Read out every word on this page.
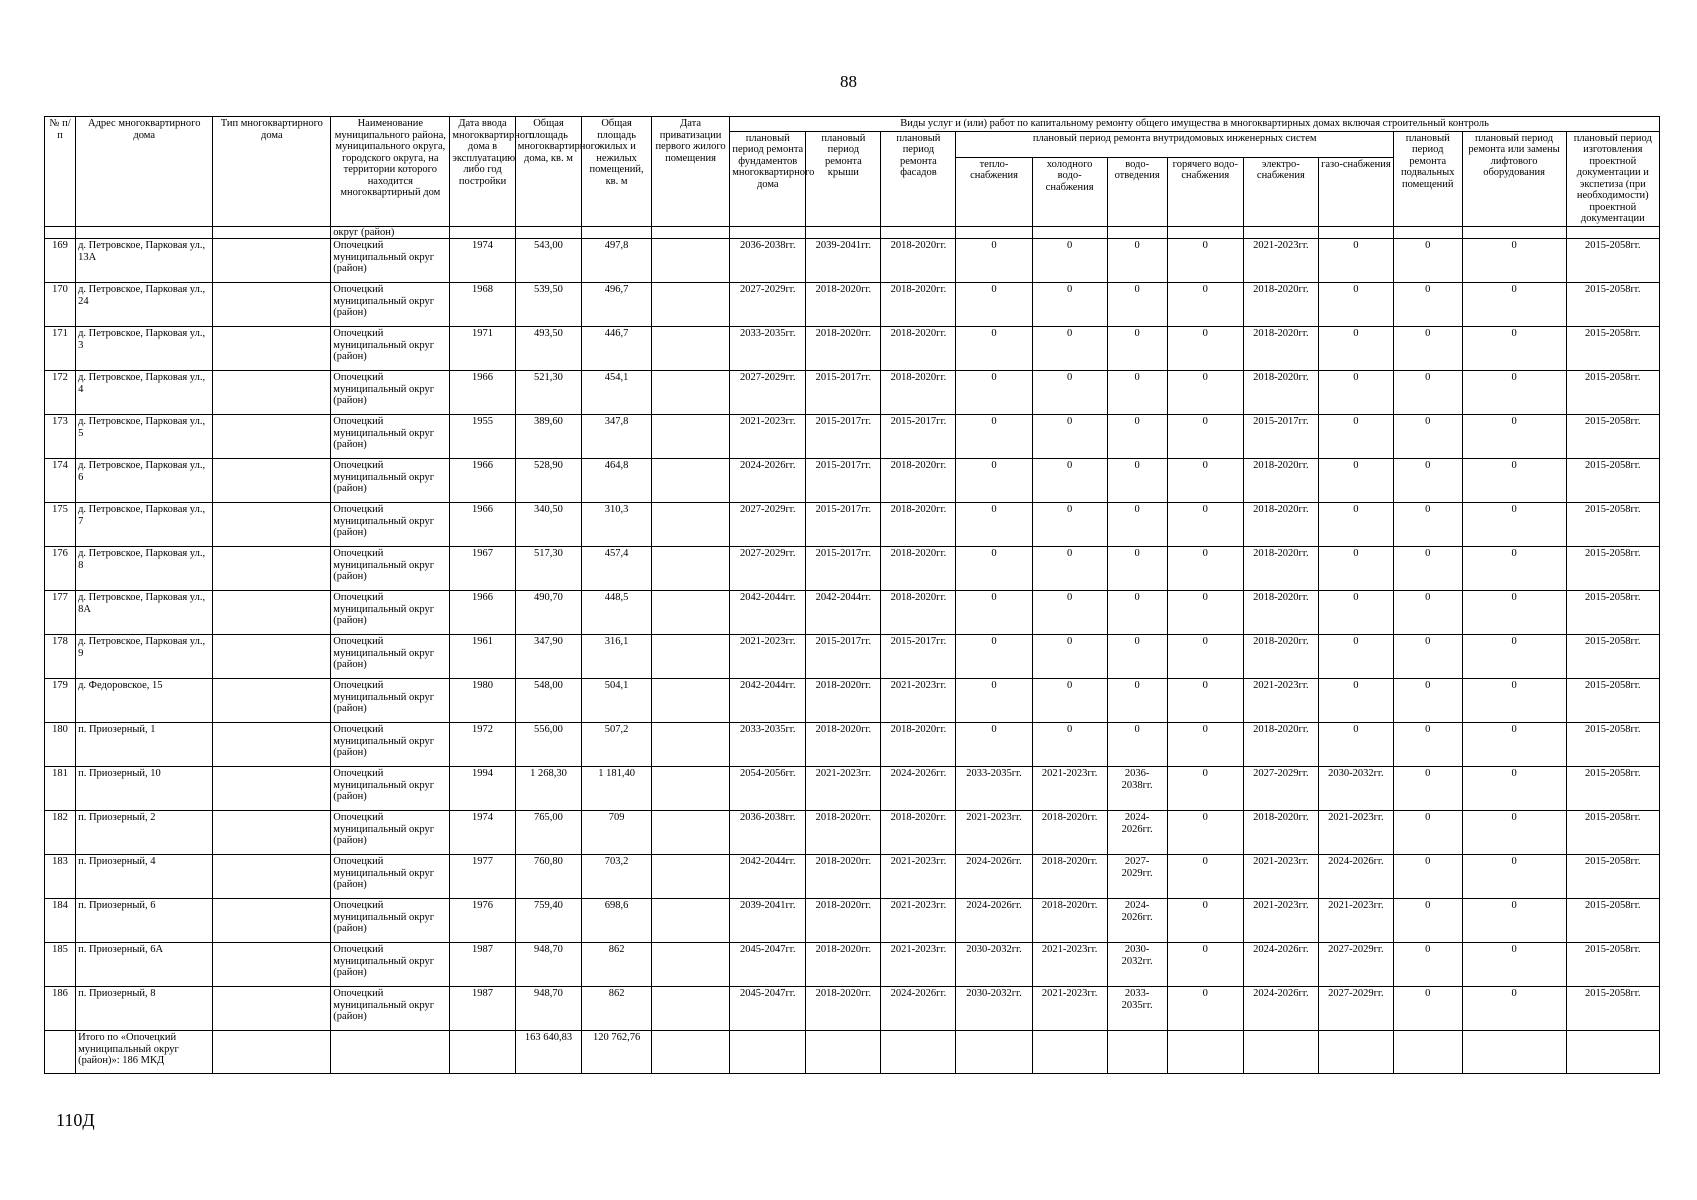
88
№ п/п	Адрес многоквартирного дома	Тип многоквартирного дома	Наименование муниципального района, муниципального округа, городского округа, на территории которого находится многоквартирный дом	Дата ввода многоквартирного дома в эксплуатацию либо год постройки	Общая площадь многоквартирного дома, кв. м	Общая площадь жилых и нежилых помещений, кв. м	Дата приватизации первого жилого помещения	Виды услуг и (или) работ по капитальному ремонту общего имущества в многоквартирных домах включая строительный контроль											
								плановый период ремонта фундаментов многоквартирного дома	плановый период ремонта крыши	плановый период ремонта фасадов	плановый период ремонта внутридомовых инженерных систем						плановый период ремонта подвальных помещений	плановый период ремонта или замены лифтового оборудования	плановый период изготовления проектной документации и экспетиза (при необходимости) проектной документации
											тепло-снабжения	холодного водо-снабжения	водо-отведения	горячего водо-снабжения	электро-снабжения	газо-снабжения			
			округ (район)																
169	д. Петровское, Парковая ул., 13А		Опочецкий муниципальный округ (район)	1974	543,00	497,8		2036-2038гг.	2039-2041гг.	2018-2020гг.	0	0	0	0	2021-2023гг.	0	0	0	2015-2058гг.
170	д. Петровское, Парковая ул., 24		Опочецкий муниципальный округ (район)	1968	539,50	496,7		2027-2029гг.	2018-2020гг.	2018-2020гг.	0	0	0	0	2018-2020гг.	0	0	0	2015-2058гг.
171	д. Петровское, Парковая ул., 3		Опочецкий муниципальный округ (район)	1971	493,50	446,7		2033-2035гг.	2018-2020гг.	2018-2020гг.	0	0	0	0	2018-2020гг.	0	0	0	2015-2058гг.
172	д. Петровское, Парковая ул., 4		Опочецкий муниципальный округ (район)	1966	521,30	454,1		2027-2029гг.	2015-2017гг.	2018-2020гг.	0	0	0	0	2018-2020гг.	0	0	0	2015-2058гг.
173	д. Петровское, Парковая ул., 5		Опочецкий муниципальный округ (район)	1955	389,60	347,8		2021-2023гг.	2015-2017гг.	2015-2017гг.	0	0	0	0	2015-2017гг.	0	0	0	2015-2058гг.
174	д. Петровское, Парковая ул., 6		Опочецкий муниципальный округ (район)	1966	528,90	464,8		2024-2026гг.	2015-2017гг.	2018-2020гг.	0	0	0	0	2018-2020гг.	0	0	0	2015-2058гг.
175	д. Петровское, Парковая ул., 7		Опочецкий муниципальный округ (район)	1966	340,50	310,3		2027-2029гг.	2015-2017гг.	2018-2020гг.	0	0	0	0	2018-2020гг.	0	0	0	2015-2058гг.
176	д. Петровское, Парковая ул., 8		Опочецкий муниципальный округ (район)	1967	517,30	457,4		2027-2029гг.	2015-2017гг.	2018-2020гг.	0	0	0	0	2018-2020гг.	0	0	0	2015-2058гг.
177	д. Петровское, Парковая ул., 8А		Опочецкий муниципальный округ (район)	1966	490,70	448,5		2042-2044гг.	2042-2044гг.	2018-2020гг.	0	0	0	0	2018-2020гг.	0	0	0	2015-2058гг.
178	д. Петровское, Парковая ул., 9		Опочецкий муниципальный округ (район)	1961	347,90	316,1		2021-2023гг.	2015-2017гг.	2015-2017гг.	0	0	0	0	2018-2020гг.	0	0	0	2015-2058гг.
179	д. Федоровское, 15		Опочецкий муниципальный округ (район)	1980	548,00	504,1		2042-2044гг.	2018-2020гг.	2021-2023гг.	0	0	0	0	2021-2023гг.	0	0	0	2015-2058гг.
180	п. Приозерный, 1		Опочецкий муниципальный округ (район)	1972	556,00	507,2		2033-2035гг.	2018-2020гг.	2018-2020гг.	0	0	0	0	2018-2020гг.	0	0	0	2015-2058гг.
181	п. Приозерный, 10		Опочецкий муниципальный округ (район)	1994	1 268,30	1 181,40		2054-2056гг.	2021-2023гг.	2024-2026гг.	2033-2035гг.	2021-2023гг.	2036-2038гг.	0	2027-2029гг.	2030-2032гг.	0	0	2015-2058гг.
182	п. Приозерный, 2		Опочецкий муниципальный округ (район)	1974	765,00	709		2036-2038гг.	2018-2020гг.	2018-2020гг.	2021-2023гг.	2018-2020гг.	2024-2026гг.	0	2018-2020гг.	2021-2023гг.	0	0	2015-2058гг.
183	п. Приозерный, 4		Опочецкий муниципальный округ (район)	1977	760,80	703,2		2042-2044гг.	2018-2020гг.	2021-2023гг.	2024-2026гг.	2018-2020гг.	2027-2029гг.	0	2021-2023гг.	2024-2026гг.	0	0	2015-2058гг.
184	п. Приозерный, 6		Опочецкий муниципальный округ (район)	1976	759,40	698,6		2039-2041гг.	2018-2020гг.	2021-2023гг.	2024-2026гг.	2018-2020гг.	2024-2026гг.	0	2021-2023гг.	2021-2023гг.	0	0	2015-2058гг.
185	п. Приозерный, 6А		Опочецкий муниципальный округ (район)	1987	948,70	862		2045-2047гг.	2018-2020гг.	2021-2023гг.	2030-2032гг.	2021-2023гг.	2030-2032гг.	0	2024-2026гг.	2027-2029гг.	0	0	2015-2058гг.
186	п. Приозерный, 8		Опочецкий муниципальный округ (район)	1987	948,70	862		2045-2047гг.	2018-2020гг.	2024-2026гг.	2030-2032гг.	2021-2023гг.	2033-2035гг.	0	2024-2026гг.	2027-2029гг.	0	0	2015-2058гг.
	Итого по «Опочецкий муниципальный округ (район)»: 186 МКД				163 640,83	120 762,76													
110Д
